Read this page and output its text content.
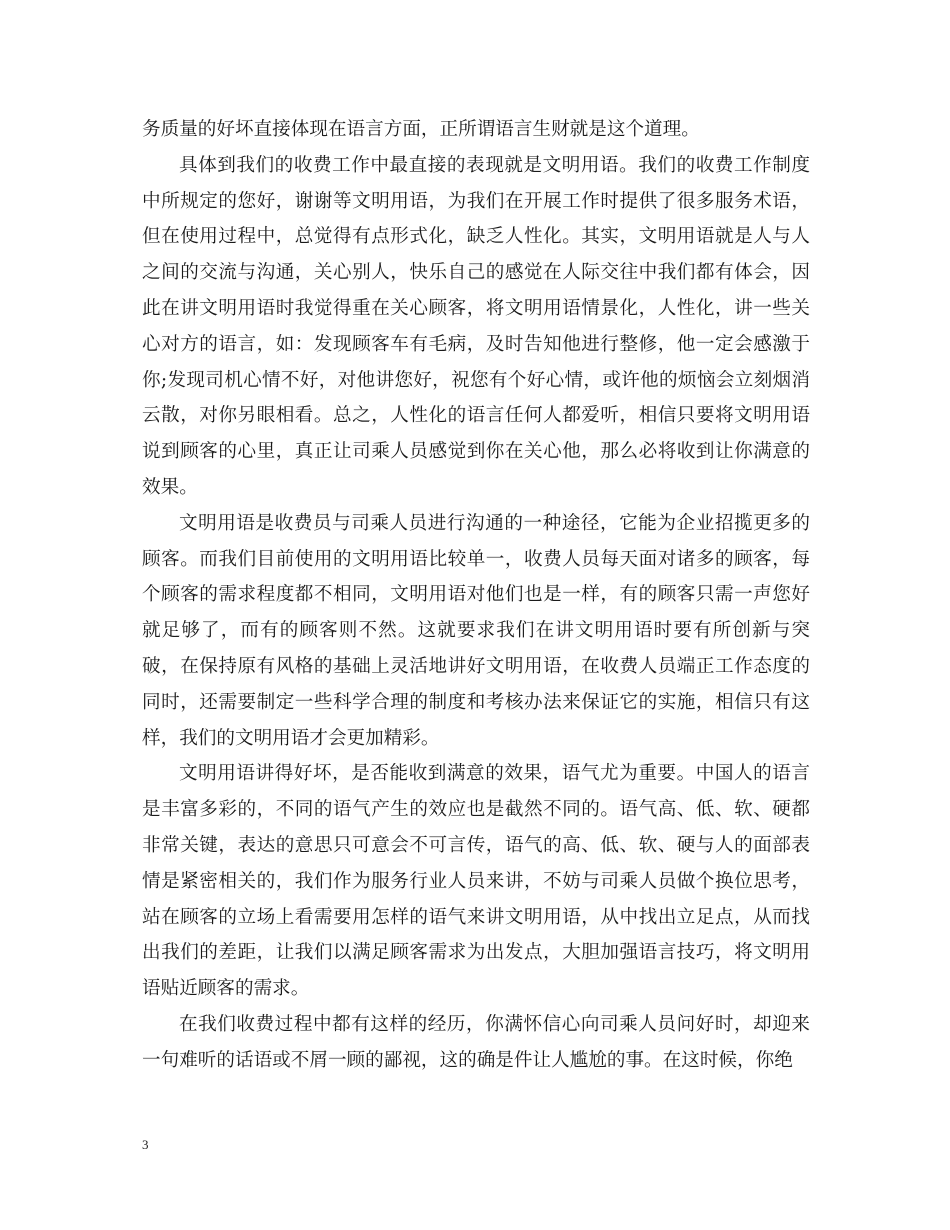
务质量的好坏直接体现在语言方面，正所谓语言生财就是这个道理。

具体到我们的收费工作中最直接的表现就是文明用语。我们的收费工作制度中所规定的您好，谢谢等文明用语，为我们在开展工作时提供了很多服务术语，但在使用过程中，总觉得有点形式化，缺乏人性化。其实，文明用语就是人与人之间的交流与沟通，关心别人，快乐自己的感觉在人际交往中我们都有体会，因此在讲文明用语时我觉得重在关心顾客，将文明用语情景化，人性化，讲一些关心对方的语言，如：发现顾客车有毛病，及时告知他进行整修，他一定会感激于你;发现司机心情不好，对他讲您好，祝您有个好心情，或许他的烦恼会立刻烟消云散，对你另眼相看。总之，人性化的语言任何人都爱听，相信只要将文明用语说到顾客的心里，真正让司乘人员感觉到你在关心他，那么必将收到让你满意的效果。

文明用语是收费员与司乘人员进行沟通的一种途径，它能为企业招揽更多的顾客。而我们目前使用的文明用语比较单一，收费人员每天面对诸多的顾客，每个顾客的需求程度都不相同，文明用语对他们也是一样，有的顾客只需一声您好就足够了，而有的顾客则不然。这就要求我们在讲文明用语时要有所创新与突破，在保持原有风格的基础上灵活地讲好文明用语，在收费人员端正工作态度的同时，还需要制定一些科学合理的制度和考核办法来保证它的实施，相信只有这样，我们的文明用语才会更加精彩。

文明用语讲得好坏，是否能收到满意的效果，语气尤为重要。中国人的语言是丰富多彩的，不同的语气产生的效应也是截然不同的。语气高、低、软、硬都非常关键，表达的意思只可意会不可言传，语气的高、低、软、硬与人的面部表情是紧密相关的，我们作为服务行业人员来讲，不妨与司乘人员做个换位思考，站在顾客的立场上看需要用怎样的语气来讲文明用语，从中找出立足点，从而找出我们的差距，让我们以满足顾客需求为出发点，大胆加强语言技巧，将文明用语贴近顾客的需求。

在我们收费过程中都有这样的经历，你满怀信心向司乘人员问好时，却迎来一句难听的话语或不屑一顾的鄙视，这的确是件让人尴尬的事。在这时候，你绝

3
